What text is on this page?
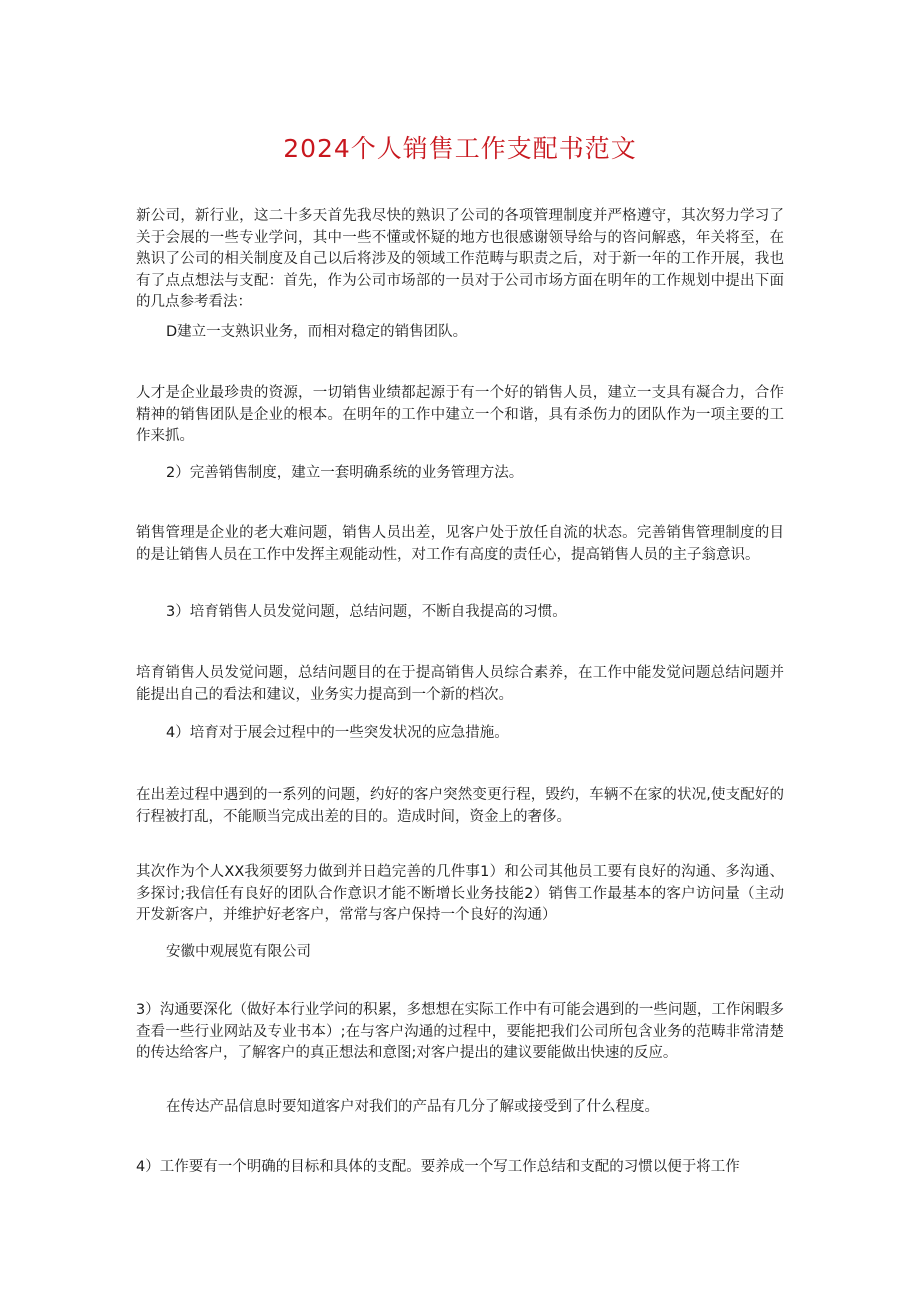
2024个人销售工作支配书范文

新公司，新行业，这二十多天首先我尽快的熟识了公司的各项管理制度并严格遵守，其次努力学习了关于会展的一些专业学问，其中一些不懂或怀疑的地方也很感谢领导给与的咨问解惑，年关将至，在熟识了公司的相关制度及自己以后将涉及的领域工作范畴与职责之后，对于新一年的工作开展，我也有了点点想法与支配：首先，作为公司市场部的一员对于公司市场方面在明年的工作规划中提出下面的几点参考看法：

D建立一支熟识业务，而相对稳定的销售团队。

人才是企业最珍贵的资源，一切销售业绩都起源于有一个好的销售人员，建立一支具有凝合力，合作精神的销售团队是企业的根本。在明年的工作中建立一个和谐，具有杀伤力的团队作为一项主要的工作来抓。

2）完善销售制度，建立一套明确系统的业务管理方法。

销售管理是企业的老大难问题，销售人员出差，见客户处于放任自流的状态。完善销售管理制度的目的是让销售人员在工作中发挥主观能动性，对工作有高度的责任心，提高销售人员的主子翁意识。

3）培育销售人员发觉问题，总结问题，不断自我提高的习惯。

培育销售人员发觉问题，总结问题目的在于提高销售人员综合素养，在工作中能发觉问题总结问题并能提出自己的看法和建议，业务实力提高到一个新的档次。

4）培育对于展会过程中的一些突发状况的应急措施。

在出差过程中遇到的一系列的问题，约好的客户突然变更行程，毁约，车辆不在家的状况,使支配好的行程被打乱，不能顺当完成出差的目的。造成时间，资金上的奢侈。

其次作为个人XX我须要努力做到并日趋完善的几件事1）和公司其他员工要有良好的沟通、多沟通、多探讨;我信任有良好的团队合作意识才能不断增长业务技能2）销售工作最基本的客户访问量（主动开发新客户，并维护好老客户，常常与客户保持一个良好的沟通）

安徽中观展览有限公司

3）沟通要深化（做好本行业学问的积累，多想想在实际工作中有可能会遇到的一些问题，工作闲暇多查看一些行业网站及专业书本）;在与客户沟通的过程中，要能把我们公司所包含业务的范畴非常清楚的传达给客户，了解客户的真正想法和意图;对客户提出的建议要能做出快速的反应。

在传达产品信息时要知道客户对我们的产品有几分了解或接受到了什么程度。

4）工作要有一个明确的目标和具体的支配。要养成一个写工作总结和支配的习惯以便于将工作
